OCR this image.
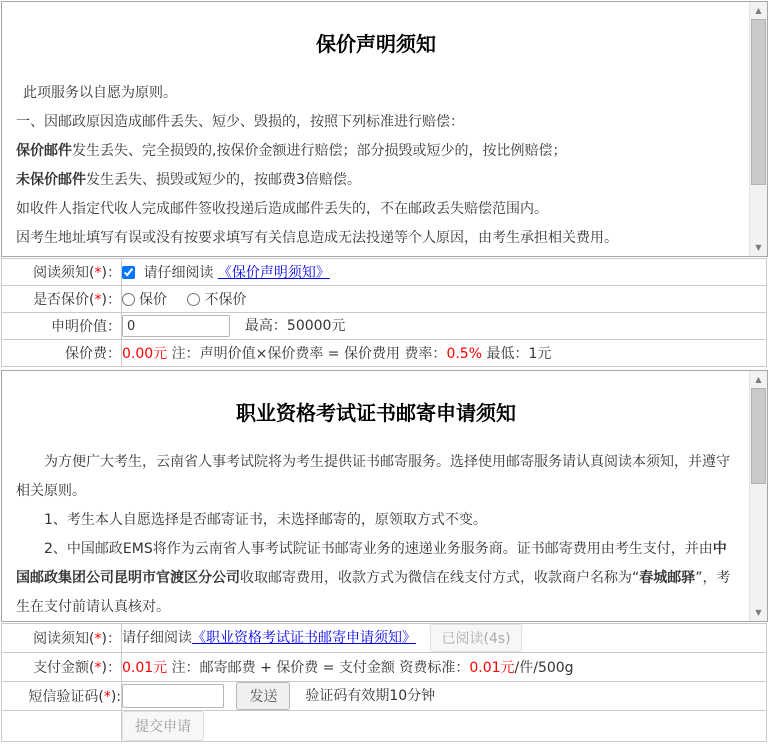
保价声明须知

此项服务以自愿为原则。

一、因邮政原因造成邮件丢失、短少、毁损的，按照下列标准进行赔偿：

保价邮件发生丢失、完全损毁的,按保价金额进行赔偿；部分损毁或短少的，按比例赔偿；

未保价邮件发生丢失、损毁或短少的，按邮费3倍赔偿。

如收件人指定代收人完成邮件签收投递后造成邮件丢失的，不在邮政丢失赔偿范围内。

因考生地址填写有误或没有按要求填写有关信息造成无法投递等个人原因，由考生承担相关费用。

▲
▼
阅读须知(*)：	请仔细阅读 《保价声明须知》
是否保价(*)：	保价 不保价
申明价值：	0最高：50000元
保价费：	0.00元 注：声明价值×保价费率 = 保价费用 费率：0.5% 最低：1元
职业资格考试证书邮寄申请须知

为方便广大考生，云南省人事考试院将为考生提供证书邮寄服务。选择使用邮寄服务请认真阅读本须知，并遵守相关原则。

1、考生本人自愿选择是否邮寄证书，未选择邮寄的，原领取方式不变。

2、中国邮政EMS将作为云南省人事考试院证书邮寄业务的速递业务服务商。证书邮寄费用由考生支付，并由中国邮政集团公司昆明市官渡区分公司收取邮寄费用，收款方式为微信在线支付方式，收款商户名称为“春城邮驿”，考生在支付前请认真核对。

▲
▼
阅读须知(*)：	请仔细阅读《职业资格考试证书邮寄申请须知》 已阅读(4s)
支付金额(*)：	0.01元 注：邮寄邮费 + 保价费 = 支付金额 资费标准：0.01元/件/500g
短信验证码(*):	发送 验证码有效期10分钟
	提交申请
